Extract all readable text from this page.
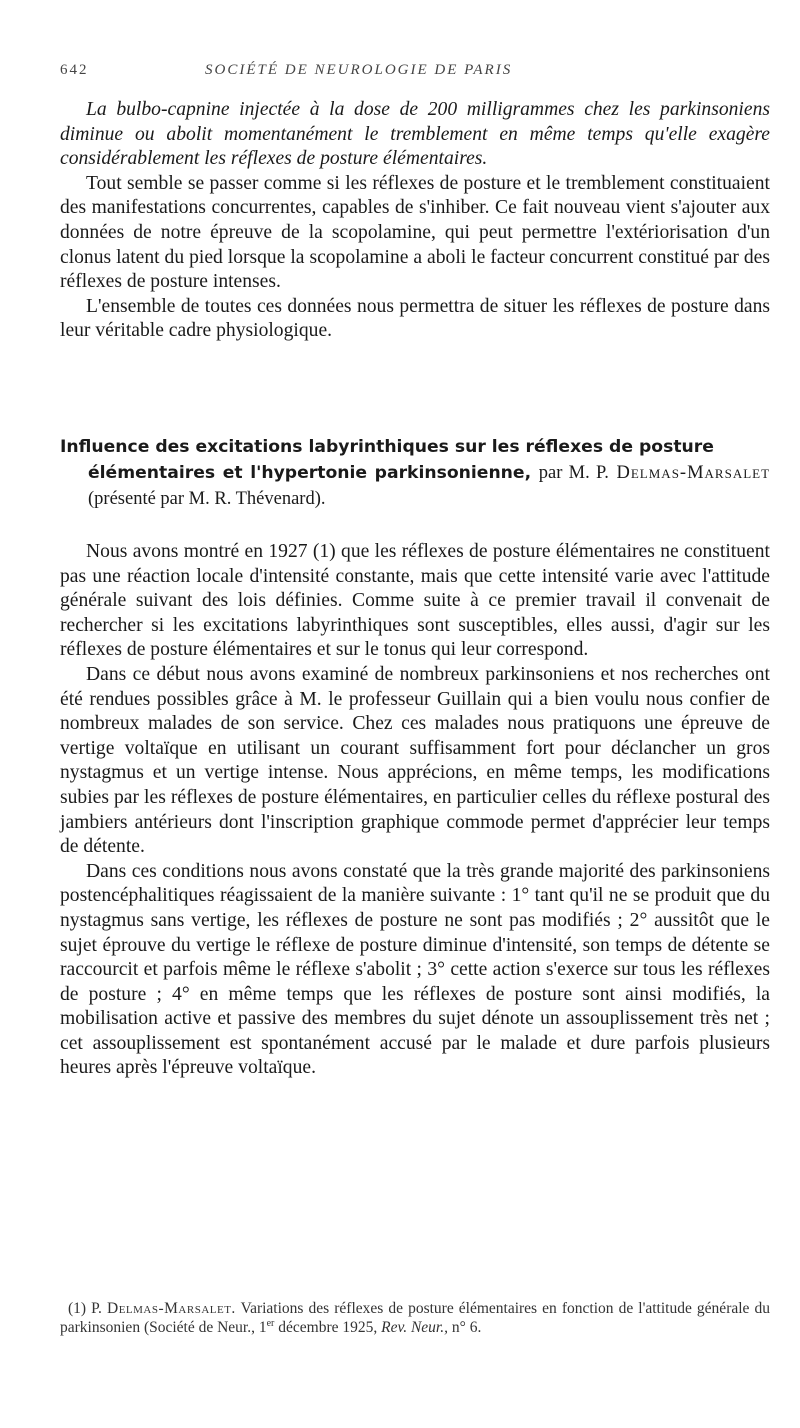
642	SOCIÉTÉ DE NEUROLOGIE DE PARIS

La bulbo-capnine injectée à la dose de 200 milligrammes chez les parkinsoniens diminue ou abolit momentanément le tremblement en même temps qu'elle exagère considérablement les réflexes de posture élémentaires.

Tout semble se passer comme si les réflexes de posture et le tremblement constituaient des manifestations concurrentes, capables de s'inhiber. Ce fait nouveau vient s'ajouter aux données de notre épreuve de la scopolamine, qui peut permettre l'extériorisation d'un clonus latent du pied lorsque la scopolamine a aboli le facteur concurrent constitué par des réflexes de posture intenses.

L'ensemble de toutes ces données nous permettra de situer les réflexes de posture dans leur véritable cadre physiologique.

Influence des excitations labyrinthiques sur les réflexes de posture
élémentaires et l'hypertonie parkinsonienne, par M. P. Delmas-Marsalet (présenté par M. R. Thévenard).

Nous avons montré en 1927 (1) que les réflexes de posture élémentaires ne constituent pas une réaction locale d'intensité constante, mais que cette intensité varie avec l'attitude générale suivant des lois définies. Comme suite à ce premier travail il convenait de rechercher si les excitations labyrinthiques sont susceptibles, elles aussi, d'agir sur les réflexes de posture élémentaires et sur le tonus qui leur correspond.

Dans ce début nous avons examiné de nombreux parkinsoniens et nos recherches ont été rendues possibles grâce à M. le professeur Guillain qui a bien voulu nous confier de nombreux malades de son service. Chez ces malades nous pratiquons une épreuve de vertige voltaïque en utilisant un courant suffisamment fort pour déclancher un gros nystagmus et un vertige intense. Nous apprécions, en même temps, les modifications subies par les réflexes de posture élémentaires, en particulier celles du réflexe postural des jambiers antérieurs dont l'inscription graphique commode permet d'apprécier leur temps de détente.

Dans ces conditions nous avons constaté que la très grande majorité des parkinsoniens postencéphalitiques réagissaient de la manière suivante : 1° tant qu'il ne se produit que du nystagmus sans vertige, les réflexes de posture ne sont pas modifiés ; 2° aussitôt que le sujet éprouve du vertige le réflexe de posture diminue d'intensité, son temps de détente se raccourcit et parfois même le réflexe s'abolit ; 3° cette action s'exerce sur tous les réflexes de posture ; 4° en même temps que les réflexes de posture sont ainsi modifiés, la mobilisation active et passive des membres du sujet dénote un assouplissement très net ; cet assouplissement est spontanément accusé par le malade et dure parfois plusieurs heures après l'épreuve voltaïque.

(1) P. Delmas-Marsalet. Variations des réflexes de posture élémentaires en fonction de l'attitude générale du parkinsonien (Société de Neur., 1er décembre 1925, Rev. Neur., n° 6.
